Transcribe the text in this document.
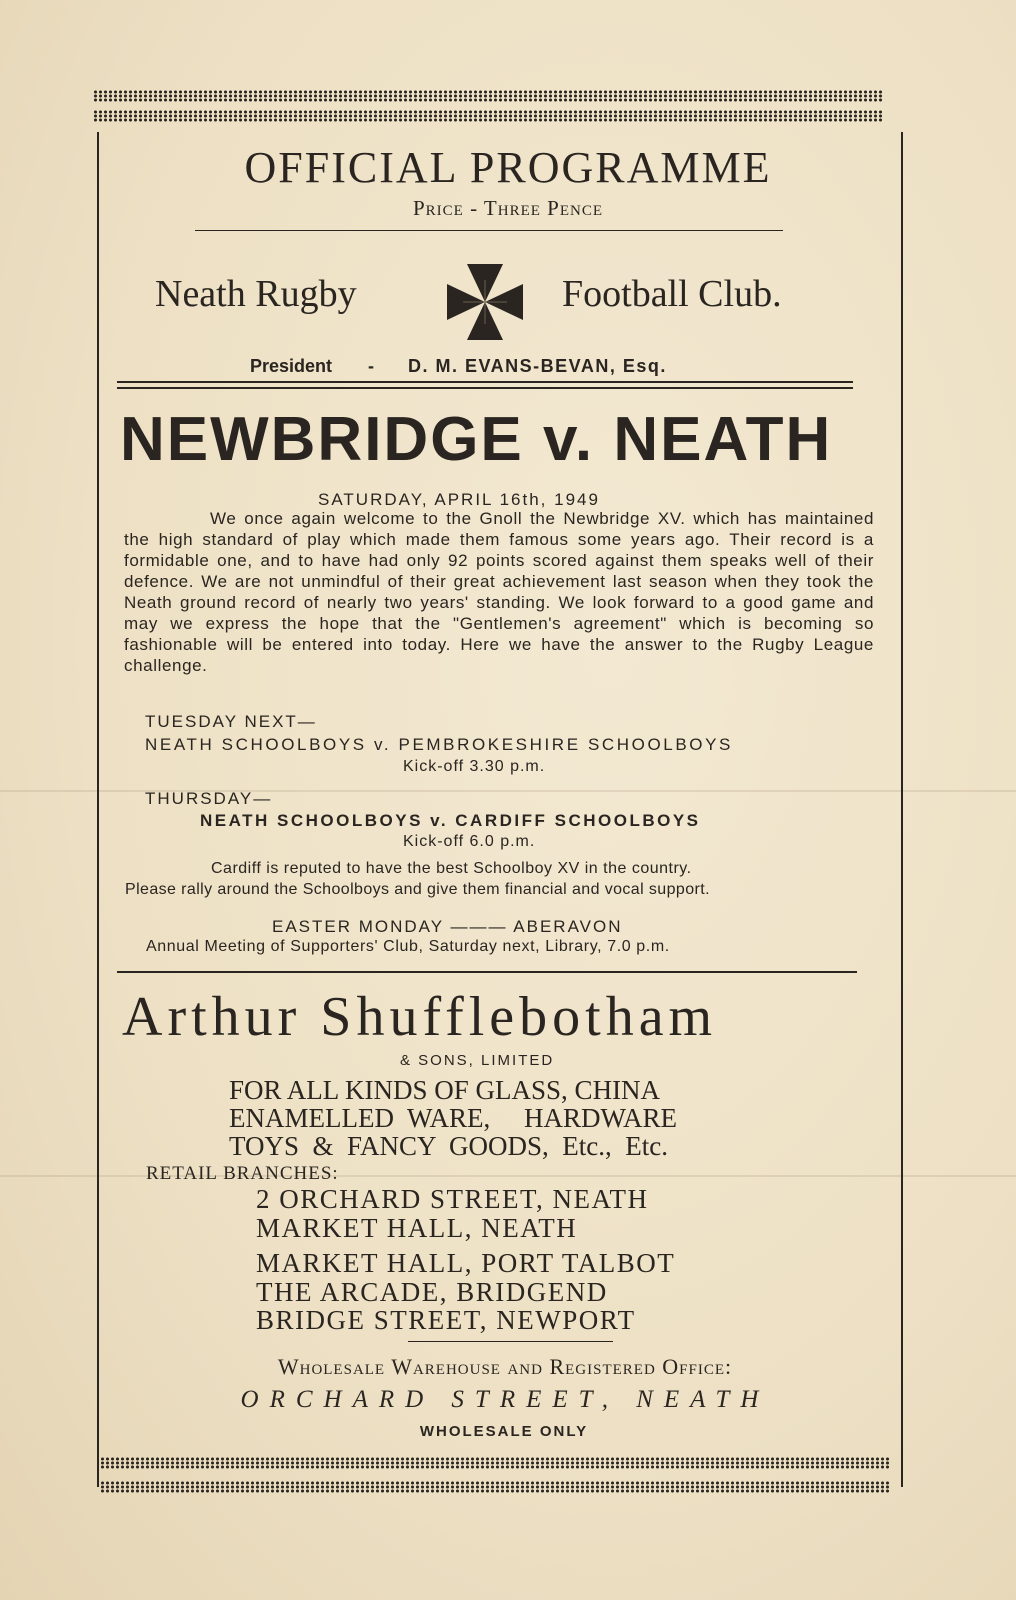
OFFICIAL PROGRAMME
Price - Three Pence
Neath Rugby	Football Club.
President - D. M. EVANS-BEVAN, Esq.
NEWBRIDGE v. NEATH
SATURDAY, APRIL 16th, 1949
We once again welcome to the Gnoll the Newbridge XV. which has maintained the high standard of play which made them famous some years ago. Their record is a formidable one, and to have had only 92 points scored against them speaks well of their defence. We are not unmindful of their great achievement last season when they took the Neath ground record of nearly two years' standing. We look forward to a good game and may we express the hope that the "Gentlemen's agreement" which is becoming so fashionable will be entered into today. Here we have the answer to the Rugby League challenge.
TUESDAY NEXT—
NEATH SCHOOLBOYS v. PEMBROKESHIRE SCHOOLBOYS
Kick-off 3.30 p.m.
THURSDAY—
NEATH SCHOOLBOYS v. CARDIFF SCHOOLBOYS
Kick-off 6.0 p.m.
Cardiff is reputed to have the best Schoolboy XV in the country.
Please rally around the Schoolboys and give them financial and vocal support.
EASTER MONDAY ——— ABERAVON
Annual Meeting of Supporters' Club, Saturday next, Library, 7.0 p.m.
Arthur Shufflebotham
& SONS, LIMITED
FOR ALL KINDS OF GLASS, CHINA
ENAMELLED  WARE,     HARDWARE
TOYS  &  FANCY  GOODS,  Etc.,  Etc.
RETAIL BRANCHES:
2 ORCHARD STREET, NEATH
MARKET HALL, NEATH
MARKET HALL, PORT TALBOT
THE ARCADE, BRIDGEND
BRIDGE STREET, NEWPORT
Wholesale Warehouse and Registered Office:
ORCHARD STREET, NEATH
WHOLESALE ONLY
